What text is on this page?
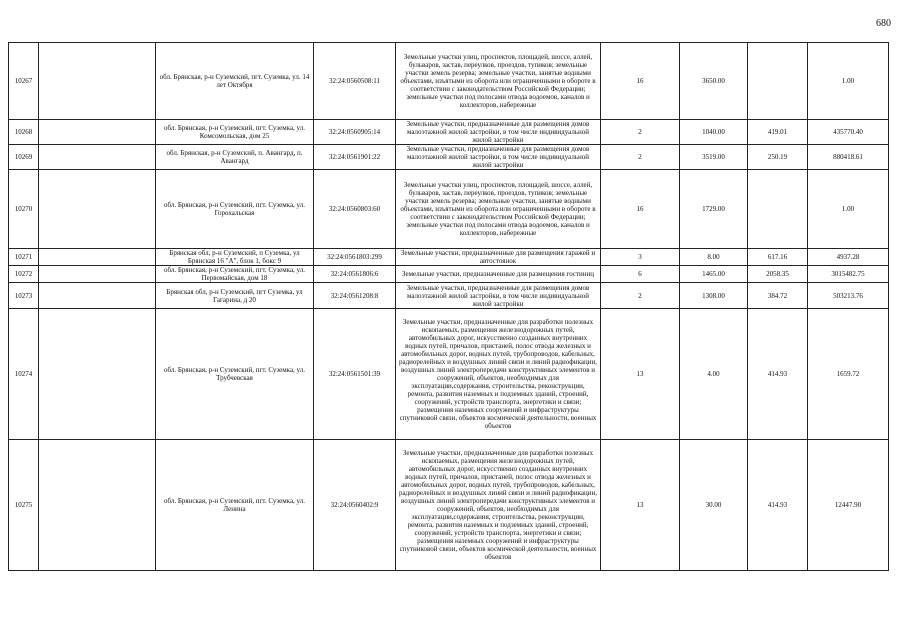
680
10267		обл. Брянская, р-н Суземский, пгт. Суземка, ул. 14 лет Октября	32:24:0560508:11	Земельные участки улиц, проспектов, площадей, шоссе, аллей, бульваров, застав, переулков, проездов, тупиков; земельные участки земель резерва; земельные участки, занятые водными объектами, изъятыми из оборота или ограниченными в обороте в соответствии с законодательством Российской Федерации; земельные участки под полосами отвода водоемов, каналов и коллекторов, набережные	16	3650.00		1.00
10268		обл. Брянская, р-н Суземский, пгт. Суземка, ул. Комсомольская, дом 25	32:24:0560905:14	Земельные участки, предназначенные для размещения домов малоэтажной жилой застройки, в том числе индивидуальной жилой застройки	2	1040.00	419.01	435770.40
10269		обл. Брянская, р-н Суземский, п. Авангард, п. Авангард	32:24:0561901:22	Земельные участки, предназначенные для размещения домов малоэтажной жилой застройки, в том числе индивидуальной жилой застройки	2	3519.00	250.19	880418.61
10270		обл. Брянская, р-н Суземский, пгт. Суземка, ул. Горохальская	32:24:0560803:60	Земельные участки улиц, проспектов, площадей, шоссе, аллей, бульваров, застав, переулков, проездов, тупиков; земельные участки земель резерва; земельные участки, занятые водными объектами, изъятыми из оборота или ограниченными в обороте в соответствии с законодательством Российской Федерации; земельные участки под полосами отвода водоемов, каналов и коллекторов, набережные	16	1729.00		1.00
10271		Брянская обл, р-н Суземский, п Суземка, ул Брянская 16 "А", блок 1, бокс 9	32:24:0561803:299	Земельные участки, предназначенные для размещения гаражей и автостоянок	3	8.00	617.16	4937.28
10272		обл. Брянская, р-н Суземский, пгт. Суземка, ул. Первомайская, дом 18	32:24:0561806:6	Земельные участки, предназначенные для размещения гостиниц	6	1465.00	2058.35	3015482.75
10273		Брянская обл, р-н Суземский, пгт Суземка, ул Гагарина, д 20	32:24:0561208:8	Земельные участки, предназначенные для размещения домов малоэтажной жилой застройки, в том числе индивидуальной жилой застройки	2	1308.00	384.72	503213.76
10274		обл. Брянская, р-н Суземский, пгт. Суземка, ул. Трубчевская	32:24:0561501:39	Земельные участки, предназначенные для разработки полезных ископаемых, размещения железнодорожных путей, автомобильных дорог, искусственно созданных внутренних водных путей, причалов, пристаней, полос отвода железных и автомобильных дорог, водных путей, трубопроводов, кабельных, радиорелейных и воздушных линий связи и линий радиофикации, воздушных линий электропередачи конструктивных элементов и сооружений, объектов, необходимых для эксплуатации,содержания, строительства, реконструкции, ремонта, развития наземных и подземных зданий, строений, сооружений, устройств транспорта, энергетики и связи; размещения наземных сооружений и инфраструктуры спутниковой связи, объектов космической деятельности, военных объектов	13	4.00	414.93	1659.72
10275		обл. Брянская, р-н Суземский, пгт. Суземка, ул. Ленина	32:24:0560402:9	Земельные участки, предназначенные для разработки полезных ископаемых, размещения железнодорожных путей, автомобильных дорог, искусственно созданных внутренних водных путей, причалов, пристаней, полос отвода железных и автомобильных дорог, водных путей, трубопроводов, кабельных, радиорелейных и воздушных линий связи и линий радиофикации, воздушных линий электропередачи конструктивных элементов и сооружений, объектов, необходимых для эксплуатации,содержания, строительства, реконструкции, ремонта, развития наземных и подземных зданий, строений, сооружений, устройств транспорта, энергетики и связи; размещения наземных сооружений и инфраструктуры спутниковой связи, объектов космической деятельности, военных объектов	13	30.00	414.93	12447.90
